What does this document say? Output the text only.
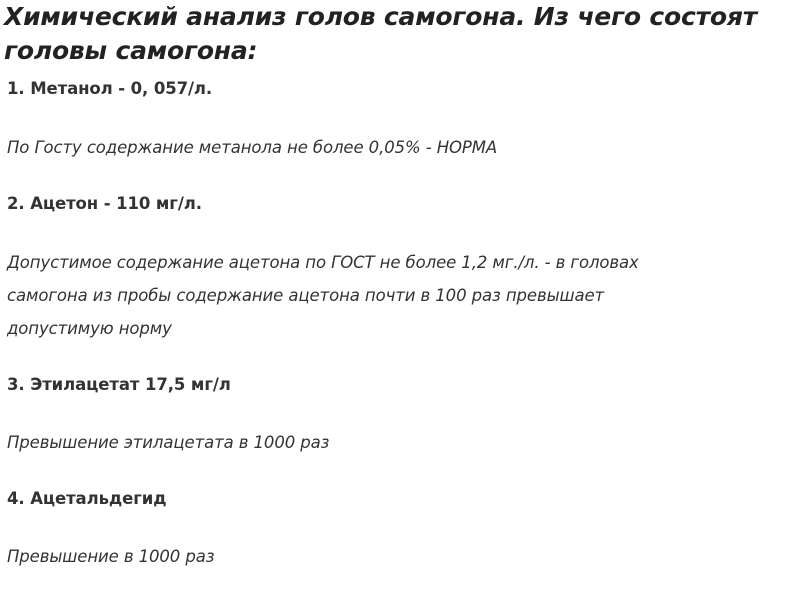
Химический анализ голов самогона. Из чего состоят
головы самогона:

1. Метанол - 0, 057/л.

По Госту содержание метанола не более 0,05% - НОРМА

2. Ацетон - 110 мг/л.

Допустимое содержание ацетона по ГОСТ не более 1,2 мг./л. - в головах
самогона из пробы содержание ацетона почти в 100 раз превышает
допустимую норму

3. Этилацетат 17,5 мг/л

Превышение этилацетата в 1000 раз

4. Ацетальдегид

Превышение в 1000 раз
